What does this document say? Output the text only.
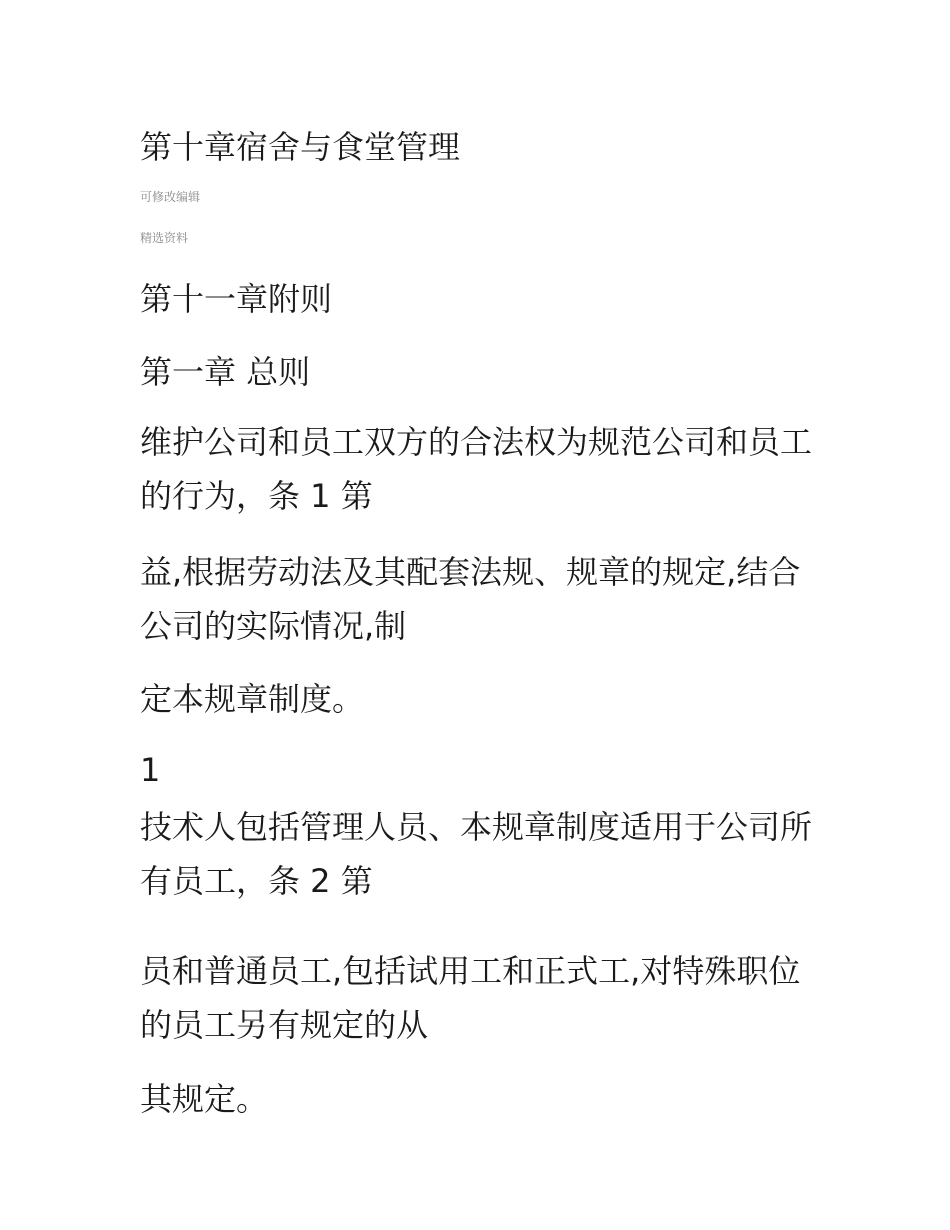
第十章宿舍与食堂管理
可修改编辑
精选资料
第十一章附则
第一章 总则
维护公司和员工双方的合法权为规范公司和员工的行为，条 1 第
益,根据劳动法及其配套法规、规章的规定,结合公司的实际情况,制
定本规章制度。
1
技术人包括管理人员、本规章制度适用于公司所有员工，条 2 第
员和普通员工,包括试用工和正式工,对特殊职位的员工另有规定的从
其规定。
